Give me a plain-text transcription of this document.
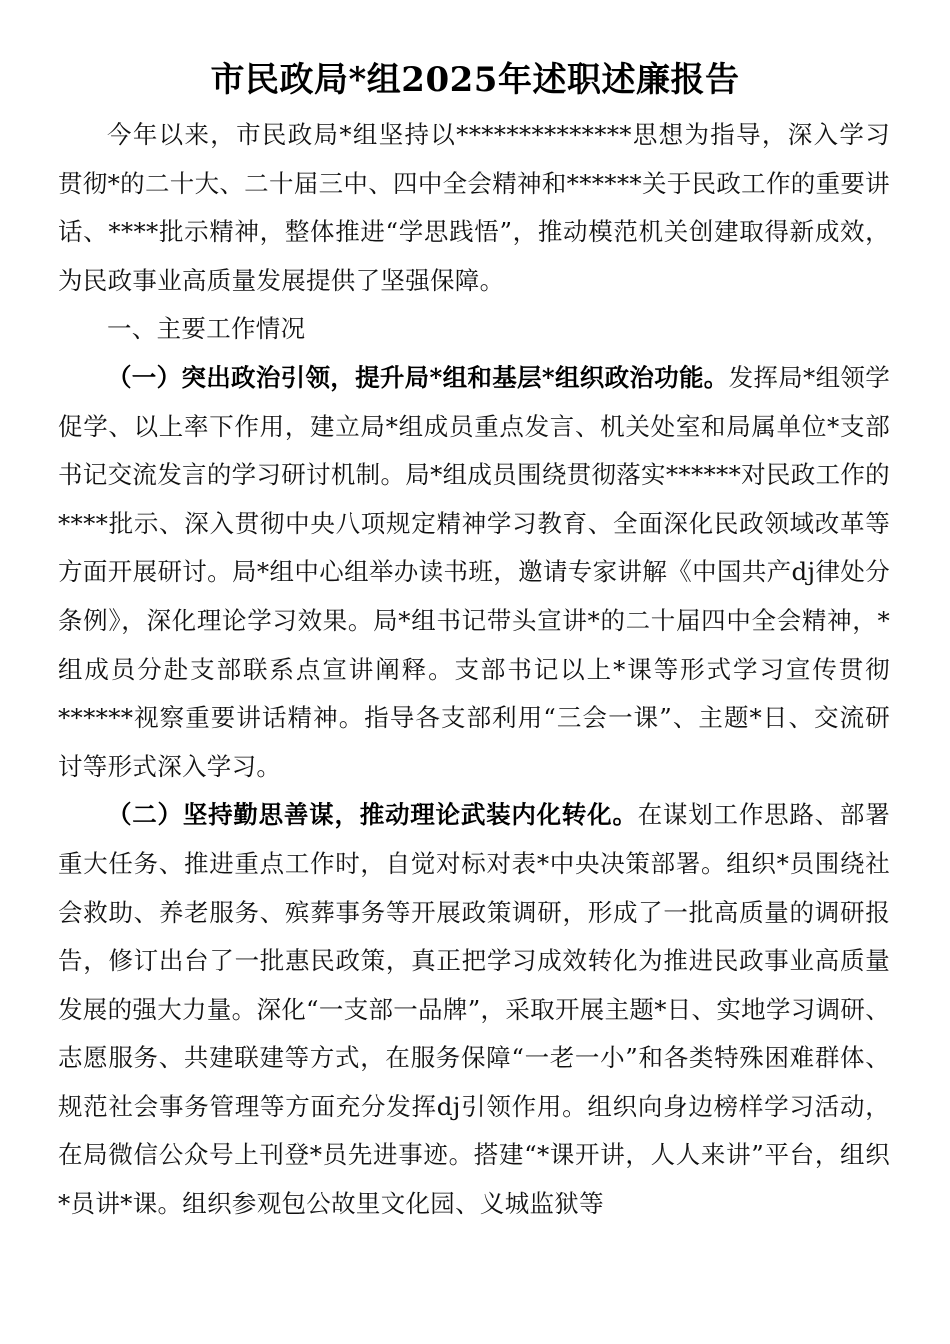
市民政局*组2025年述职述廉报告

今年以来，市民政局*组坚持以**************思想为指导，深入学习贯彻*的二十大、二十届三中、四中全会精神和******关于民政工作的重要讲话、****批示精神，整体推进“学思践悟”，推动模范机关创建取得新成效，为民政事业高质量发展提供了坚强保障。

一、主要工作情况

（一）突出政治引领，提升局*组和基层*组织政治功能。发挥局*组领学促学、以上率下作用，建立局*组成员重点发言、机关处室和局属单位*支部书记交流发言的学习研讨机制。局*组成员围绕贯彻落实******对民政工作的****批示、深入贯彻中央八项规定精神学习教育、全面深化民政领域改革等方面开展研讨。局*组中心组举办读书班，邀请专家讲解《中国共产dj律处分条例》，深化理论学习效果。局*组书记带头宣讲*的二十届四中全会精神，*组成员分赴支部联系点宣讲阐释。支部书记以上*课等形式学习宣传贯彻******视察重要讲话精神。指导各支部利用“三会一课”、主题*日、交流研讨等形式深入学习。

（二）坚持勤思善谋，推动理论武装内化转化。在谋划工作思路、部署重大任务、推进重点工作时，自觉对标对表*中央决策部署。组织*员围绕社会救助、养老服务、殡葬事务等开展政策调研，形成了一批高质量的调研报告，修订出台了一批惠民政策，真正把学习成效转化为推进民政事业高质量发展的强大力量。深化“一支部一品牌”，采取开展主题*日、实地学习调研、志愿服务、共建联建等方式，在服务保障“一老一小”和各类特殊困难群体、规范社会事务管理等方面充分发挥dj引领作用。组织向身边榜样学习活动，在局微信公众号上刊登*员先进事迹。搭建“*课开讲，人人来讲”平台，组织*员讲*课。组织参观包公故里文化园、义城监狱等
